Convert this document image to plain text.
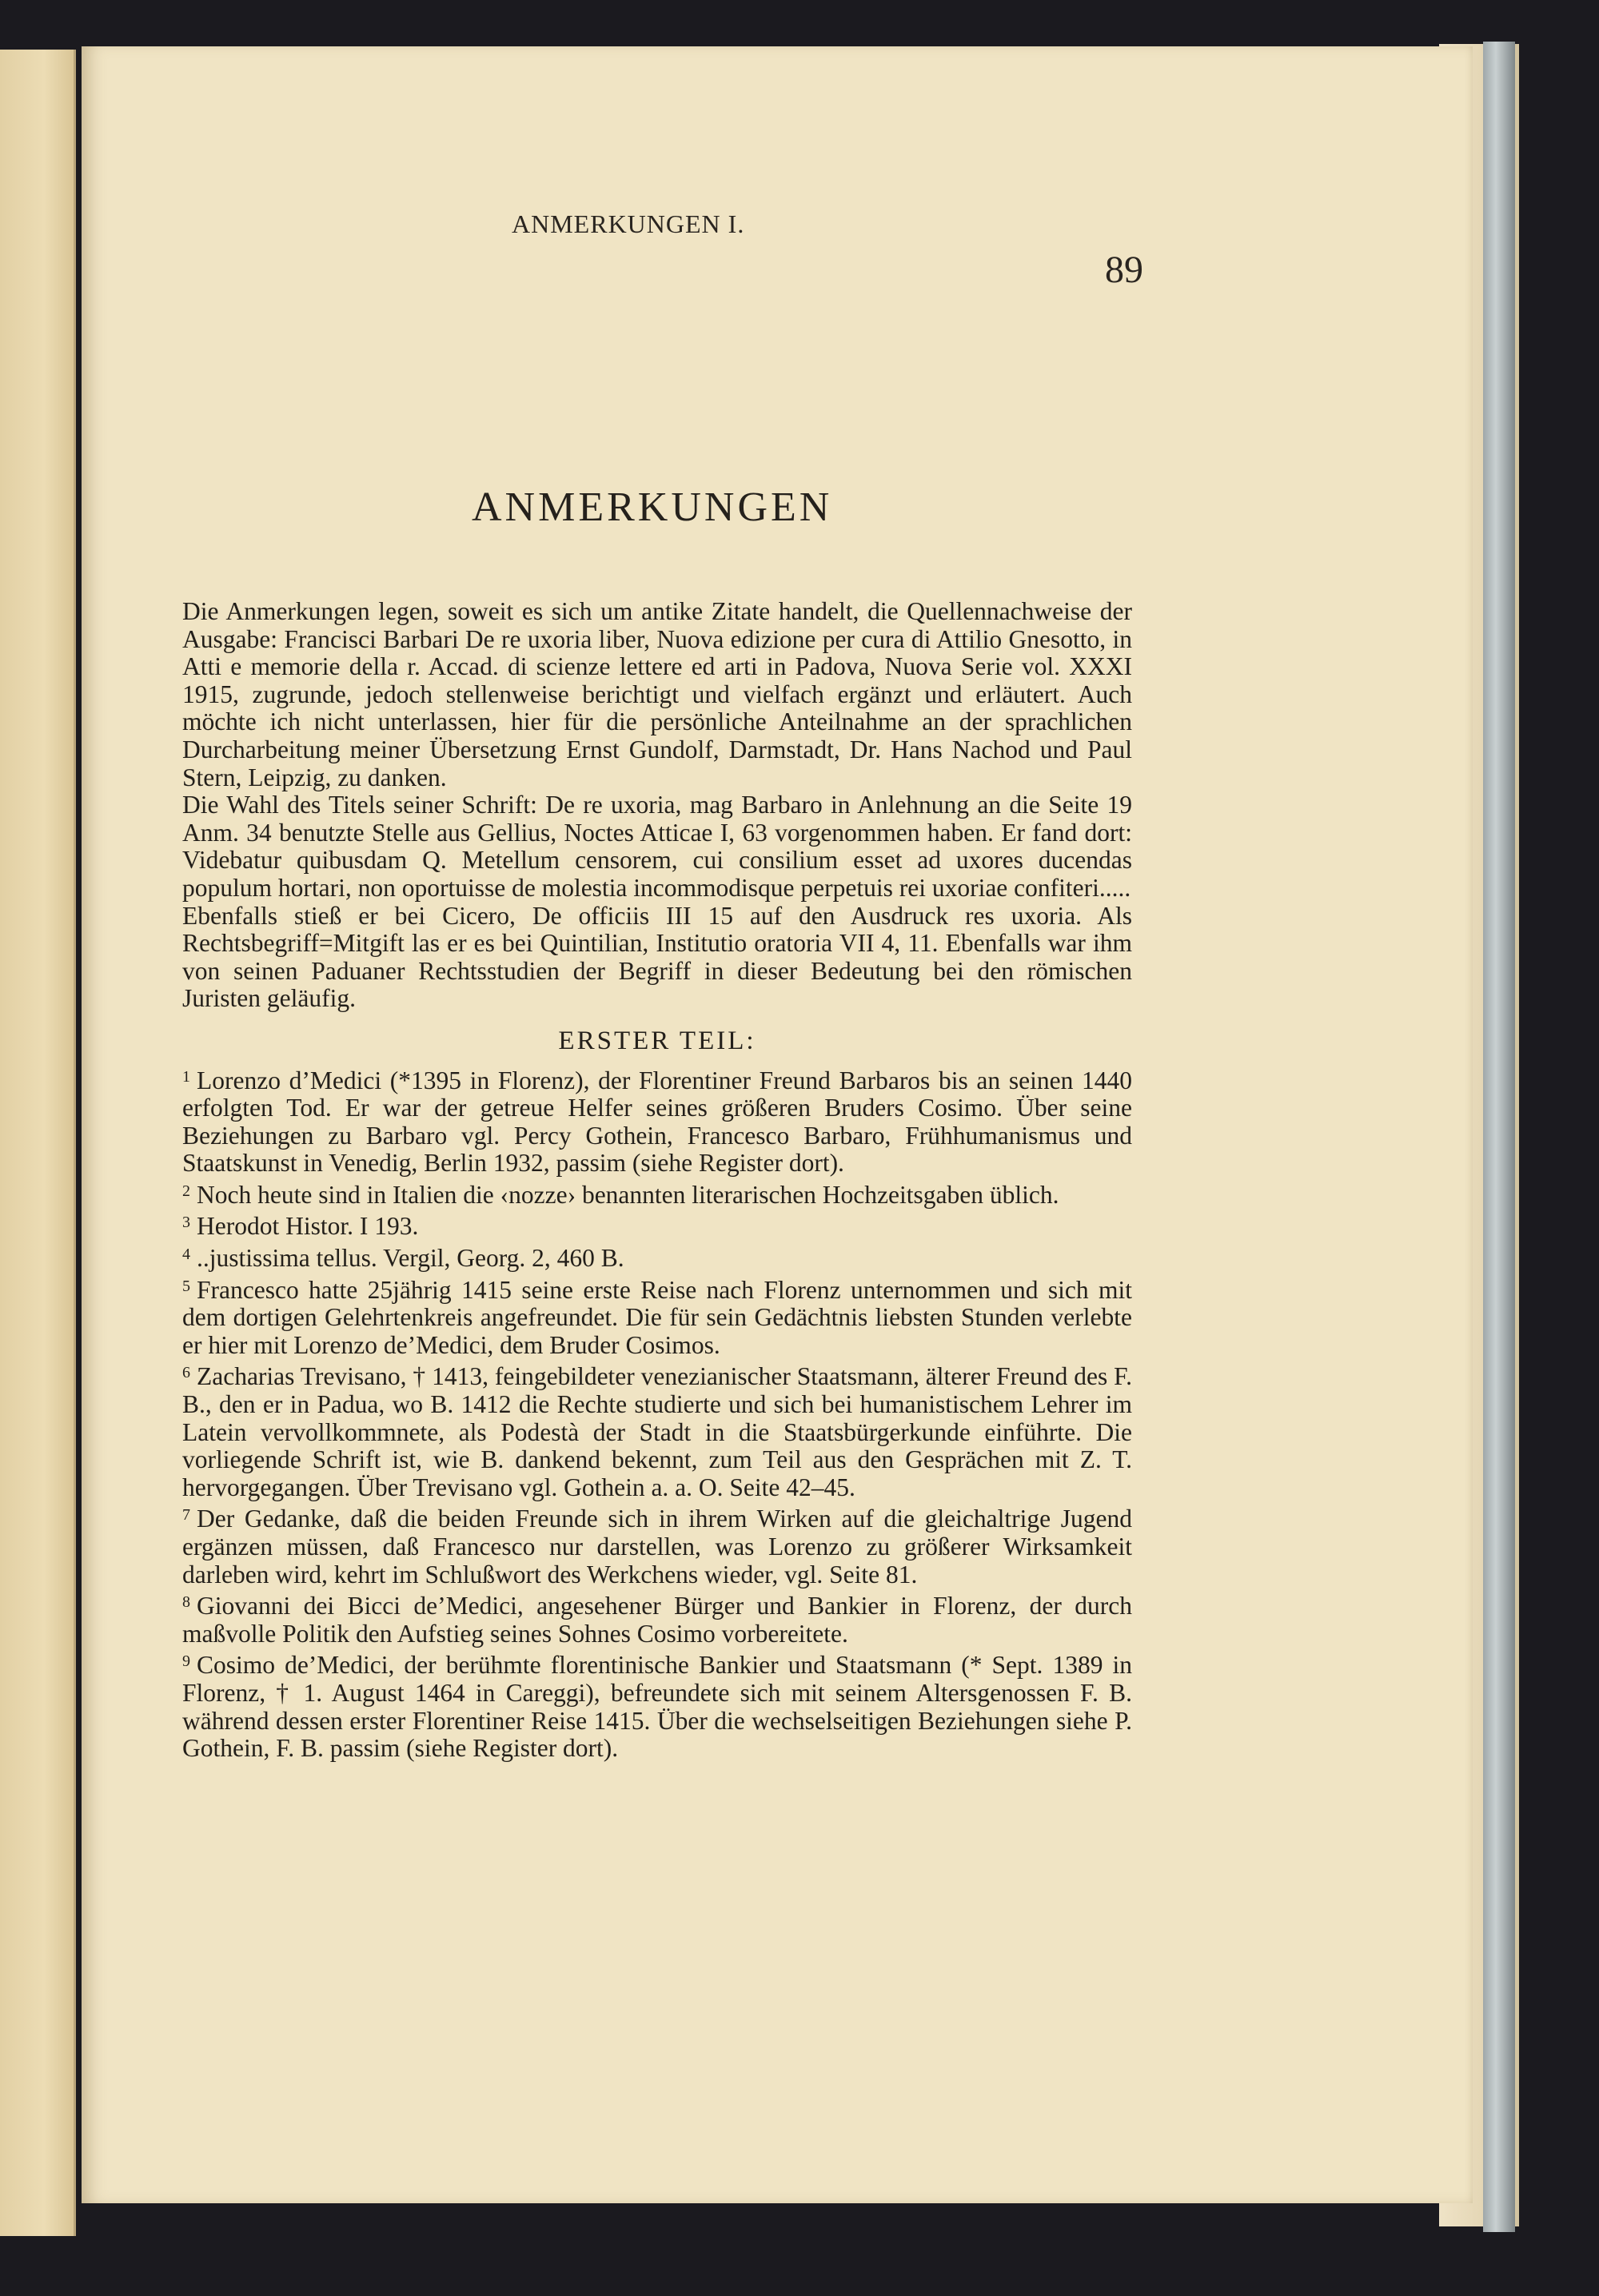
ANMERKUNGEN I.
89
ANMERKUNGEN

Die Anmerkungen legen, soweit es sich um antike Zitate handelt, die Quellennachweise der Ausgabe: Francisci Barbari De re uxoria liber, Nuova edizione per cura di Attilio Gnesotto, in Atti e memorie della r. Accad. di scienze lettere ed arti in Padova, Nuova Serie vol. XXXI 1915, zugrunde, jedoch stellenweise berichtigt und vielfach ergänzt und erläutert. Auch möchte ich nicht unterlassen, hier für die persönliche Anteilnahme an der sprachlichen Durcharbeitung meiner Übersetzung Ernst Gundolf, Darmstadt, Dr. Hans Nachod und Paul Stern, Leipzig, zu danken.

Die Wahl des Titels seiner Schrift: De re uxoria, mag Barbaro in Anlehnung an die Seite 19 Anm. 34 benutzte Stelle aus Gellius, Noctes Atticae I, 63 vorgenommen haben. Er fand dort: Videbatur quibusdam Q. Metellum censorem, cui consilium esset ad uxores ducendas populum hortari, non oportuisse de molestia incommodisque perpetuis rei uxoriae confiteri.....

Ebenfalls stieß er bei Cicero, De officiis III 15 auf den Ausdruck res uxoria. Als Rechtsbegriff=Mitgift las er es bei Quintilian, Institutio oratoria VII 4, 11. Ebenfalls war ihm von seinen Paduaner Rechtsstudien der Begriff in dieser Bedeutung bei den römischen Juristen geläufig.

ERSTER TEIL:

$^1$ Lorenzo d’Medici (*1395 in Florenz), der Florentiner Freund Barbaros bis an seinen 1440 erfolgten Tod. Er war der getreue Helfer seines größeren Bruders Cosimo. Über seine Beziehungen zu Barbaro vgl. Percy Gothein, Francesco Barbaro, Frühhumanismus und Staatskunst in Venedig, Berlin 1932, passim (siehe Register dort).

$^2$ Noch heute sind in Italien die ‹nozze› benannten literarischen Hochzeitsgaben üblich.

$^3$ Herodot Histor. I 193.

$^4$ ..justissima tellus. Vergil, Georg. 2, 460 B.

$^5$ Francesco hatte 25jährig 1415 seine erste Reise nach Florenz unternommen und sich mit dem dortigen Gelehrtenkreis angefreundet. Die für sein Gedächtnis liebsten Stunden verlebte er hier mit Lorenzo de’Medici, dem Bruder Cosimos.

$^6$ Zacharias Trevisano, † 1413, feingebildeter venezianischer Staatsmann, älterer Freund des F. B., den er in Padua, wo B. 1412 die Rechte studierte und sich bei humanistischem Lehrer im Latein vervollkommnete, als Podestà der Stadt in die Staatsbürgerkunde einführte. Die vorliegende Schrift ist, wie B. dankend bekennt, zum Teil aus den Gesprächen mit Z. T. hervorgegangen. Über Trevisano vgl. Gothein a. a. O. Seite 42–45.

$^7$ Der Gedanke, daß die beiden Freunde sich in ihrem Wirken auf die gleichaltrige Jugend ergänzen müssen, daß Francesco nur darstellen, was Lorenzo zu größerer Wirksamkeit darleben wird, kehrt im Schlußwort des Werkchens wieder, vgl. Seite 81.

$^8$ Giovanni dei Bicci de’Medici, angesehener Bürger und Bankier in Florenz, der durch maßvolle Politik den Aufstieg seines Sohnes Cosimo vorbereitete.

$^9$ Cosimo de’Medici, der berühmte florentinische Bankier und Staatsmann (* Sept. 1389 in Florenz, † 1. August 1464 in Careggi), befreundete sich mit seinem Altersgenossen F. B. während dessen erster Florentiner Reise 1415. Über die wechselseitigen Beziehungen siehe P. Gothein, F. B. passim (siehe Register dort).
